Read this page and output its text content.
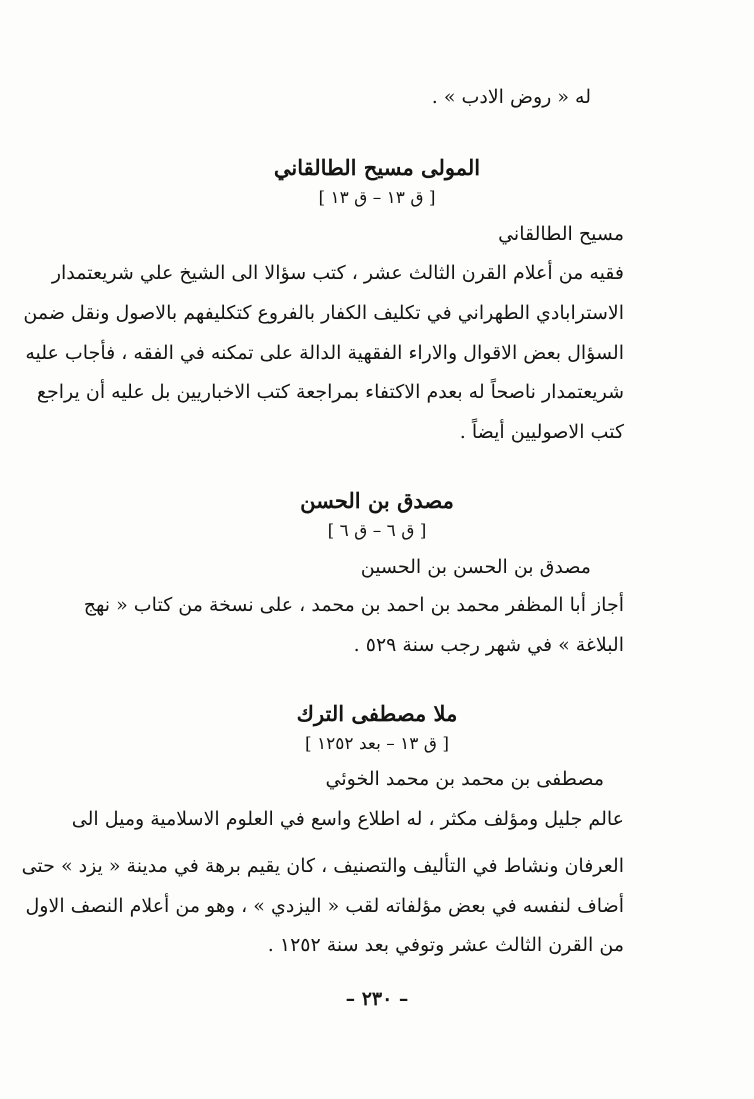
له « روض الادب » .

المولى مسيح الطالقاني

[ ق ١٣ – ق ١٣ ]

مسيح الطالقاني

فقيه من أعلام القرن الثالث عشر ، كتب سؤالا الى الشيخ علي شريعتمدار

الاسترابادي الطهراني في تكليف الكفار بالفروع كتكليفهم بالاصول ونقل ضمن

السؤال بعض الاقوال والاراء الفقهية الدالة على تمكنه في الفقه ، فأجاب عليه

شريعتمدار ناصحاً له بعدم الاكتفاء بمراجعة كتب الاخباريين بل عليه أن يراجع

كتب الاصوليين أيضاً .

مصدق بن الحسن

[ ق ٦ – ق ٦ ]

مصدق بن الحسن بن الحسين

أجاز أبا المظفر محمد بن احمد بن محمد ، على نسخة من كتاب « نهج

البلاغة » في شهر رجب سنة ٥٢٩ .

ملا مصطفى الترك

[ ق ١٣ – بعد ١٢٥٢ ]

مصطفى بن محمد بن محمد الخوئي

عالم جليل ومؤلف مكثر ، له اطلاع واسع في العلوم الاسلامية وميل الى

العرفان ونشاط في التأليف والتصنيف ، كان يقيم برهة في مدينة « يزد » حتى

أضاف لنفسه في بعض مؤلفاته لقب « اليزدي » ، وهو من أعلام النصف الاول

من القرن الثالث عشر وتوفي بعد سنة ١٢٥٢ .

– ٢٣٠ –
